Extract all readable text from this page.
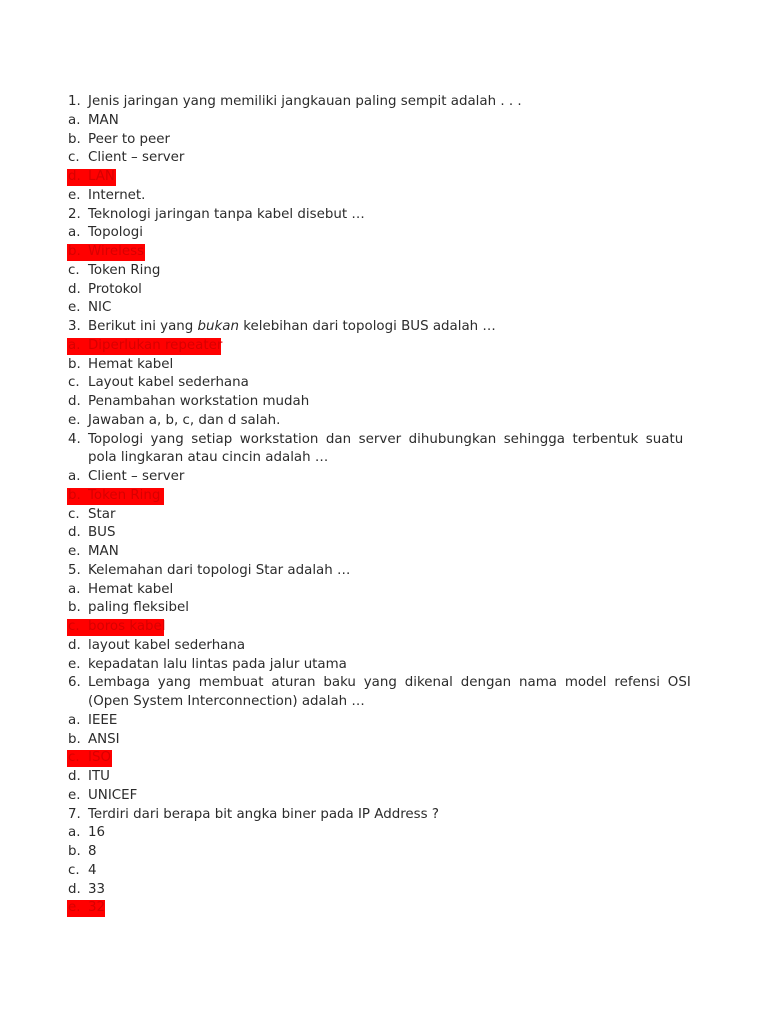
1. Jenis jaringan yang memiliki jangkauan paling sempit adalah . . .
a. MAN
b. Peer to peer
c. Client – server
d. LAN
e. Internet.
2. Teknologi jaringan tanpa kabel disebut …
a. Topologi
b. Wireless
c. Token Ring
d. Protokol
e. NIC
3. Berikut ini yang bukan kelebihan dari topologi BUS adalah …
a. Diperlukan repeater
b. Hemat kabel
c. Layout kabel sederhana
d. Penambahan workstation mudah
e. Jawaban a, b, c, dan d salah.
4. Topologi yang setiap workstation dan server dihubungkan sehingga terbentuk suatu
pola lingkaran atau cincin adalah …
a. Client – server
b. Token Ring
c. Star
d. BUS
e. MAN
5. Kelemahan dari topologi Star adalah …
a. Hemat kabel
b. paling fleksibel
c. boros kabel
d. layout kabel sederhana
e. kepadatan lalu lintas pada jalur utama
6. Lembaga yang membuat aturan baku yang dikenal dengan nama model refensi OSI
(Open System Interconnection) adalah …
a. IEEE
b. ANSI
c. ISO
d. ITU
e. UNICEF
7. Terdiri dari berapa bit angka biner pada IP Address ?
a. 16
b. 8
c. 4
d. 33
e. 32
